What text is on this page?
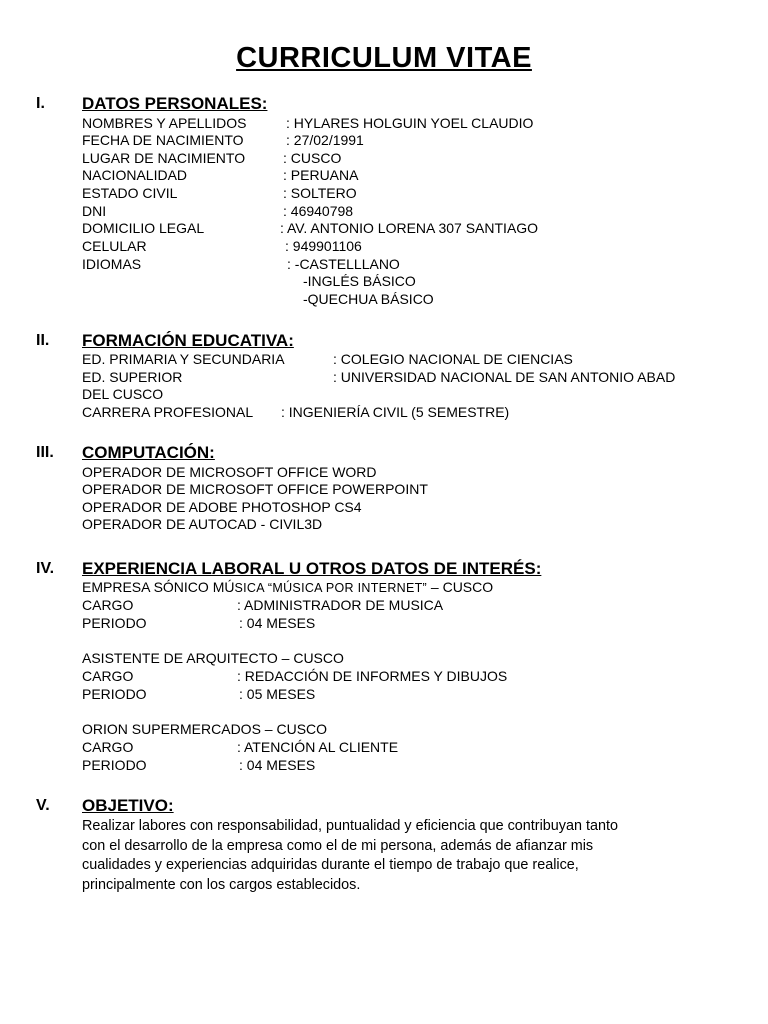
CURRICULUM VITAE
I. DATOS PERSONALES:
NOMBRES Y APELLIDOS	: HYLARES HOLGUIN YOEL CLAUDIO
FECHA DE NACIMIENTO	: 27/02/1991
LUGAR DE NACIMIENTO	: CUSCO
NACIONALIDAD	: PERUANA
ESTADO CIVIL	: SOLTERO
DNI	: 46940798
DOMICILIO LEGAL	: AV. ANTONIO LORENA 307 SANTIAGO
CELULAR	: 949901106
IDIOMAS	: -CASTELLLANO
-INGLÉS BÁSICO
-QUECHUA BÁSICO
II. FORMACIÓN EDUCATIVA:
ED. PRIMARIA Y SECUNDARIA	: COLEGIO NACIONAL DE CIENCIAS
ED. SUPERIOR	: UNIVERSIDAD NACIONAL DE SAN ANTONIO ABAD
DEL CUSCO
CARRERA PROFESIONAL : INGENIERÍA CIVIL (5 SEMESTRE)
III. COMPUTACIÓN:
OPERADOR DE MICROSOFT OFFICE WORD
OPERADOR DE MICROSOFT OFFICE POWERPOINT
OPERADOR DE ADOBE PHOTOSHOP CS4
OPERADOR DE AUTOCAD - CIVIL3D
IV. EXPERIENCIA LABORAL U OTROS DATOS DE INTERÉS:
EMPRESA SÓNICO MÚSICA “MÚSICA POR INTERNET” – CUSCO
CARGO	: ADMINISTRADOR DE MUSICA
PERIODO	: 04 MESES
ASISTENTE DE ARQUITECTO – CUSCO
CARGO	: REDACCIÓN DE INFORMES Y DIBUJOS
PERIODO	: 05 MESES
ORION SUPERMERCADOS – CUSCO
CARGO	: ATENCIÓN AL CLIENTE
PERIODO	: 04 MESES
V. OBJETIVO:

Realizar labores con responsabilidad, puntualidad y eficiencia que contribuyan tanto

con el desarrollo de la empresa como el de mi persona, además de afianzar mis

cualidades y experiencias adquiridas durante el tiempo de trabajo que realice,

principalmente con los cargos establecidos.
